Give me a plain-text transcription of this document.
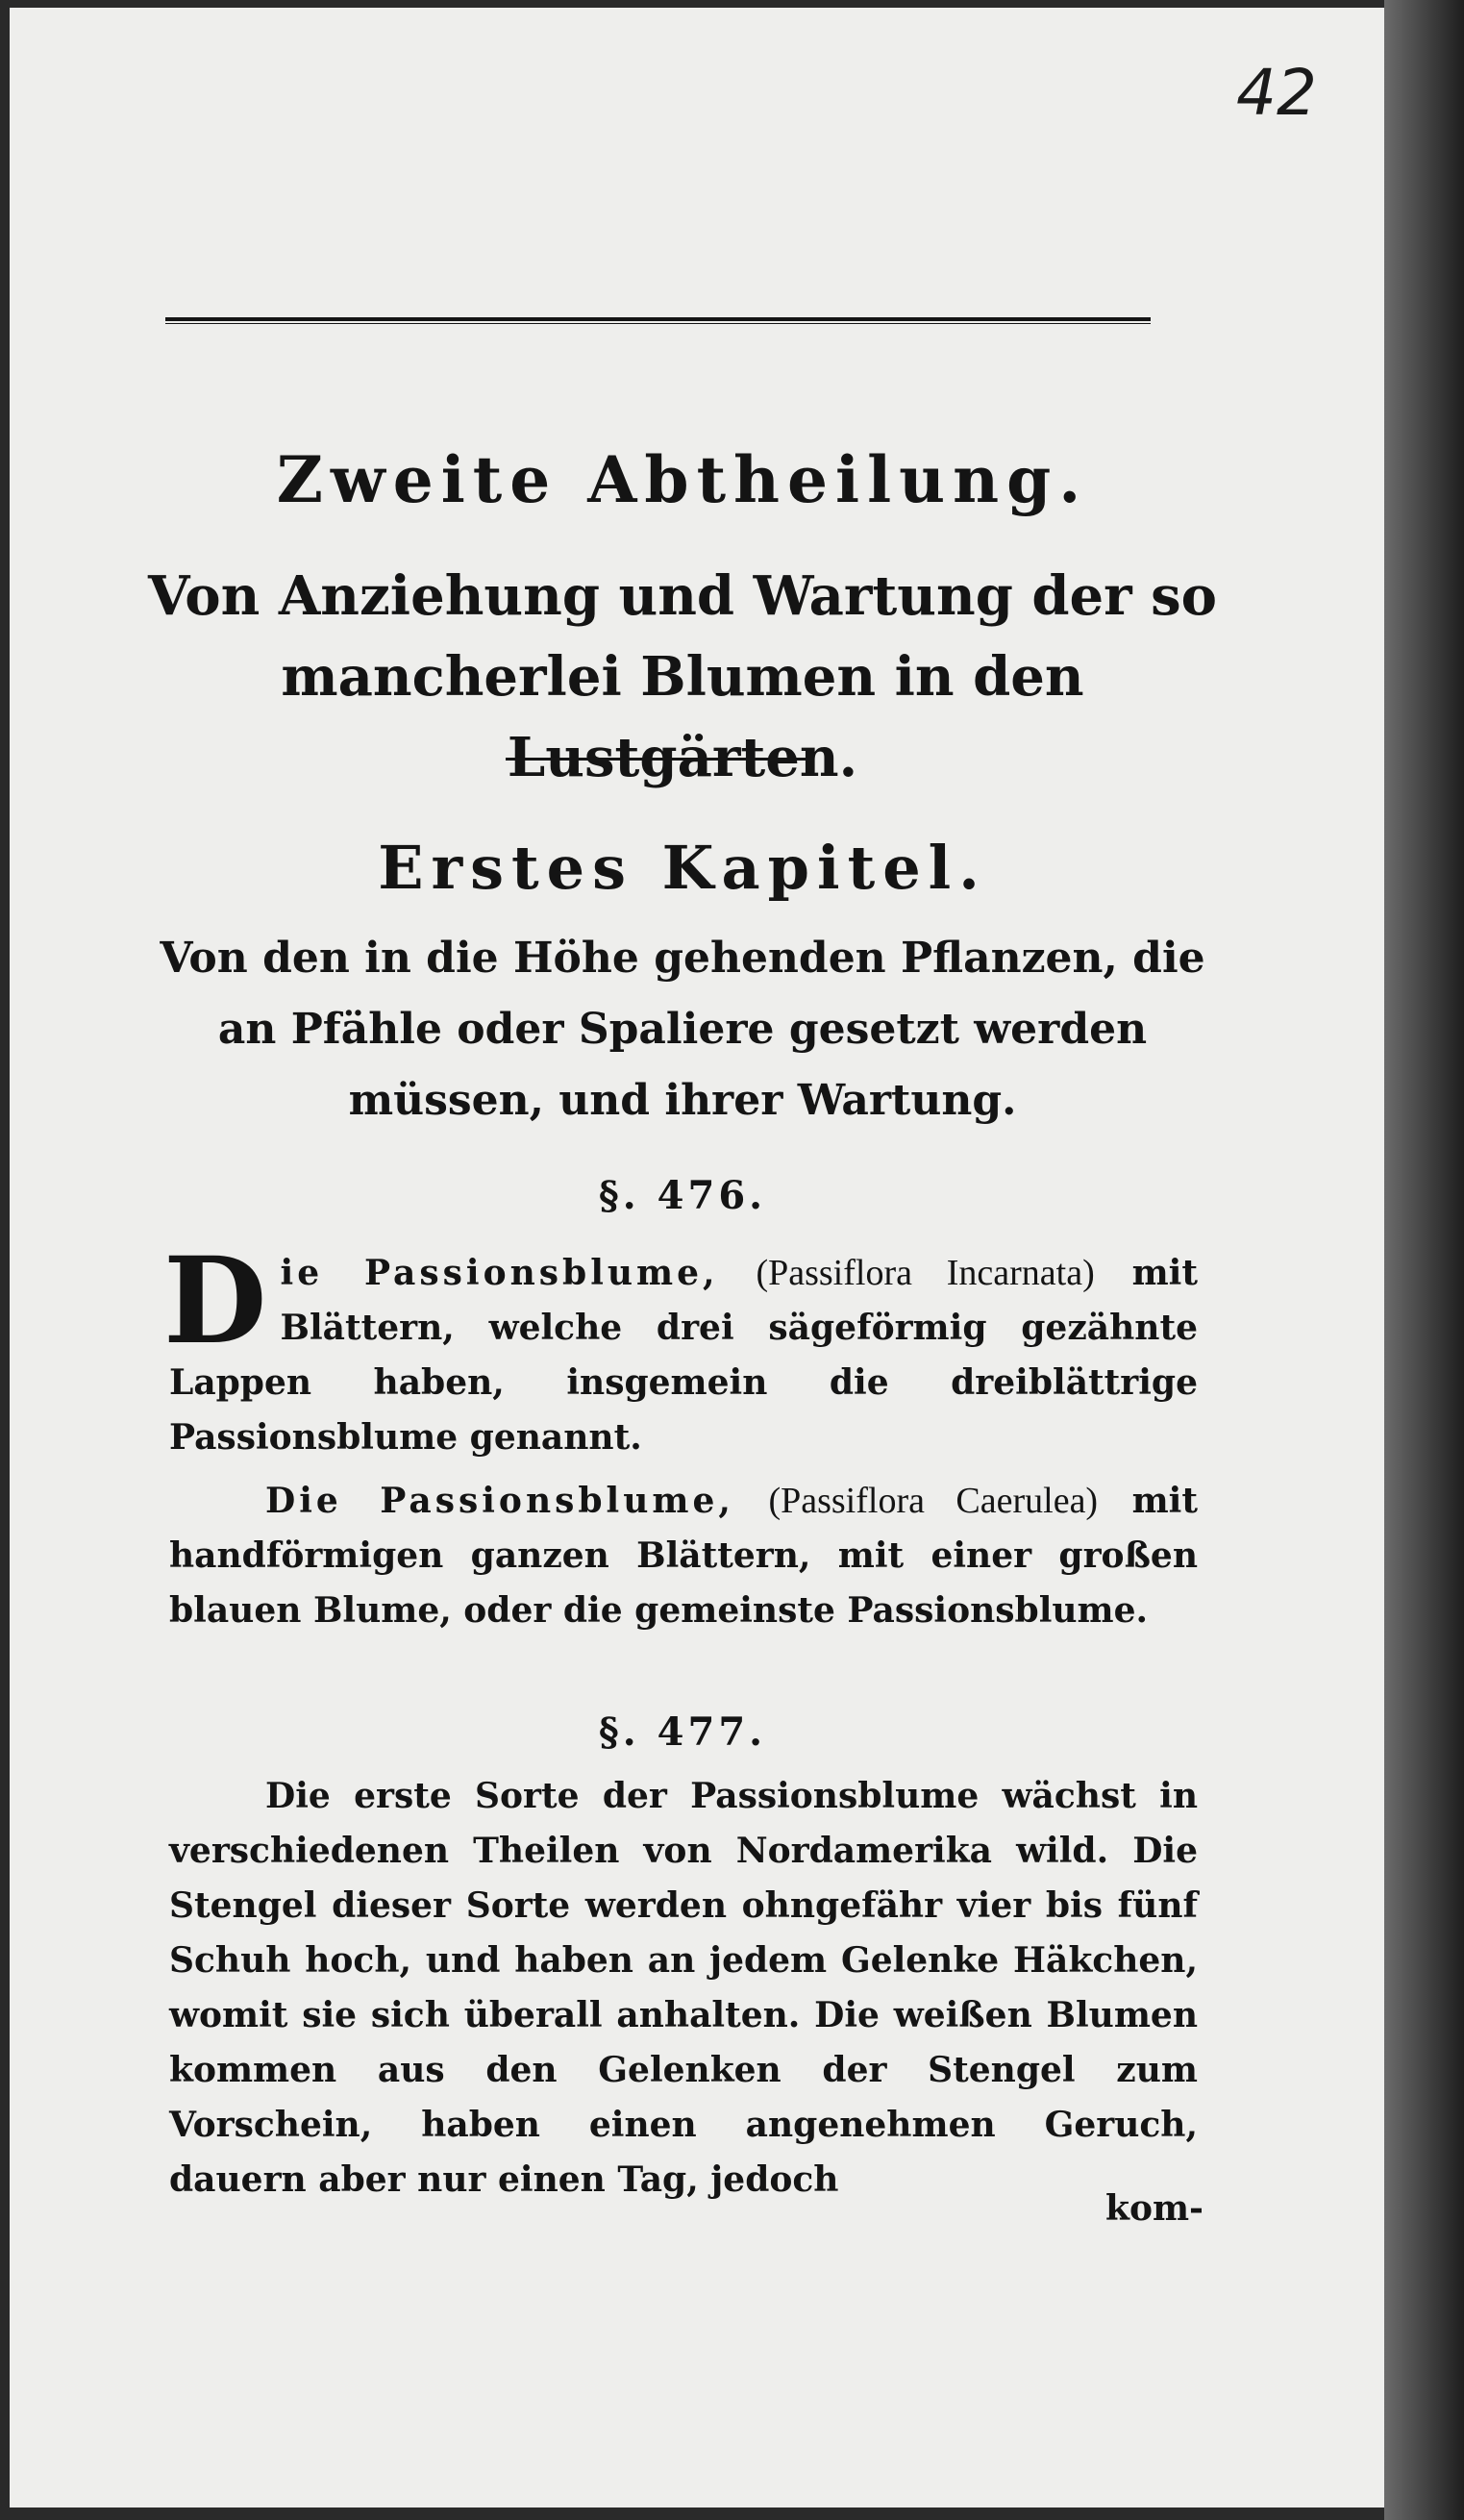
42
Zweite Abtheilung.
Von Anziehung und Wartung der so mancherlei Blumen in den Lustgärten.
Erstes Kapitel.
Von den in die Höhe gehenden Pflanzen, die an Pfähle oder Spaliere gesetzt werden müssen, und ihrer Wartung.
§. 476.

Die Passionsblume, (Passiflora Incarnata) mit Blättern, welche drei sägeförmig gezähnte Lappen haben, insgemein die dreiblättrige Passionsblume genannt.

Die Passionsblume, (Passiflora Caerulea) mit handförmigen ganzen Blättern, mit einer großen blauen Blume, oder die gemeinste Passionsblume.

§. 477.

Die erste Sorte der Passionsblume wächst in verschiedenen Theilen von Nordamerika wild. Die Stengel dieser Sorte werden ohngefähr vier bis fünf Schuh hoch, und haben an jedem Gelenke Häkchen, womit sie sich überall anhalten. Die weißen Blumen kommen aus den Gelenken der Stengel zum Vorschein, haben einen angenehmen Geruch, dauern aber nur einen Tag, jedoch

kom-
